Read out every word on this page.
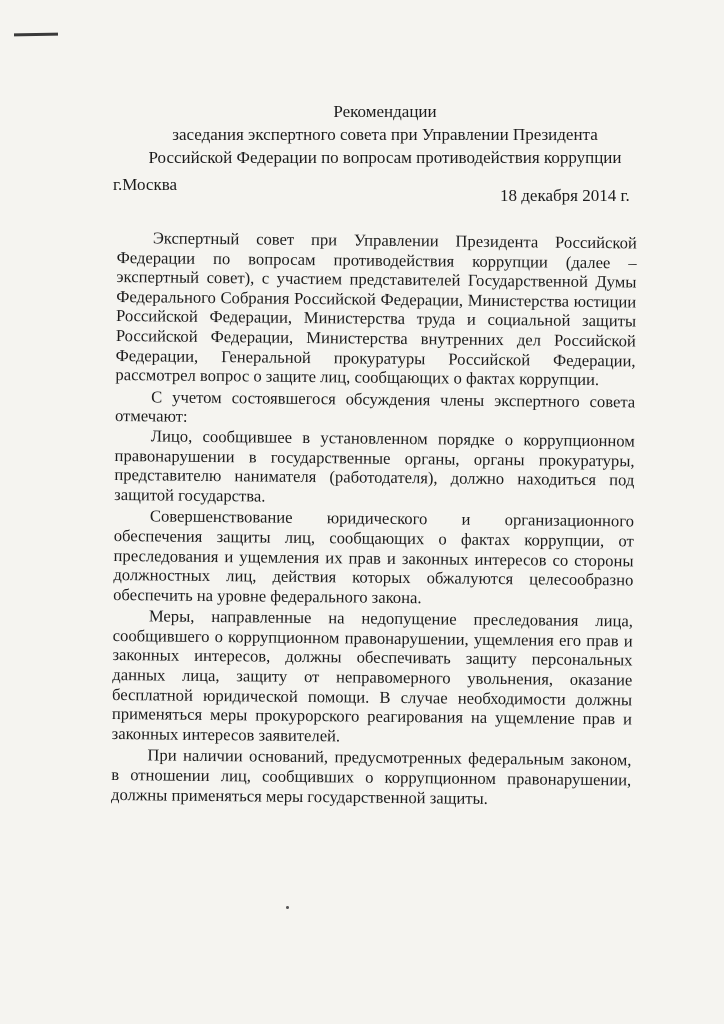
Рекомендации
заседания экспертного совета при Управлении Президента
Российской Федерации по вопросам противодействия коррупции
г.Москва
18 декабря 2014 г.

Экспертный совет при Управлении Президента Российской Федерации по вопросам противодействия коррупции (далее – экспертный совет), с участием представителей Государственной Думы Федерального Собрания Российской Федерации, Министерства юстиции Российской Федерации, Министерства труда и социальной защиты Российской Федерации, Министерства внутренних дел Российской Федерации, Генеральной прокуратуры Российской Федерации, рассмотрел вопрос о защите лиц, сообщающих о фактах коррупции.

С учетом состоявшегося обсуждения члены экспертного совета отмечают:

Лицо, сообщившее в установленном порядке о коррупционном правонарушении в государственные органы, органы прокуратуры, представителю нанимателя (работодателя), должно находиться под защитой государства.

Совершенствование юридического и организационного обеспечения защиты лиц, сообщающих о фактах коррупции, от преследования и ущемления их прав и законных интересов со стороны должностных лиц, действия которых обжалуются целесообразно обеспечить на уровне федерального закона.

Меры, направленные на недопущение преследования лица, сообщившего о коррупционном правонарушении, ущемления его прав и законных интересов, должны обеспечивать защиту персональных данных лица, защиту от неправомерного увольнения, оказание бесплатной юридической помощи. В случае необходимости должны применяться меры прокурорского реагирования на ущемление прав и законных интересов заявителей.

При наличии оснований, предусмотренных федеральным законом, в отношении лиц, сообщивших о коррупционном правонарушении, должны применяться меры государственной защиты.
